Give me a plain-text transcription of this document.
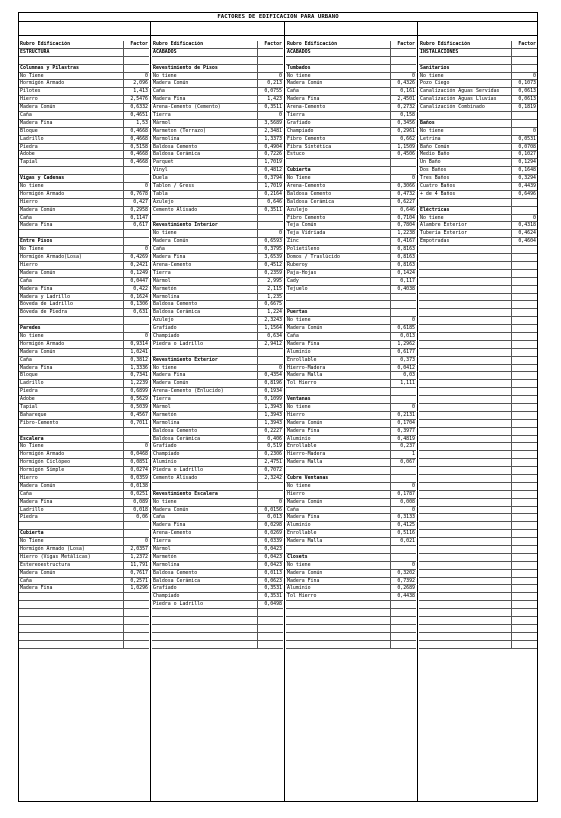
FACTORES DE EDIFICACION PARA URBANO
Rubro Edificación	Factor
ESTRUCTURA
Columnas y Pilastras
No Tiene	0
Hormigón Armado	2,096
Pilotes	1,413
Hierro	2,5476
Madera Común	0,6332
Caña	0,4651
Madera Fina	1,53
Bloque	0,4668
Ladrillo	0,4668
Piedra	0,5158
Adobe	0,4668
Tapial	0,4668
Vigas y Cadenas
No tiene	0
Hormigón Armado	0,7678
Hierro	0,427
Madera Común	0,2958
Caña	0,1147
Madera Fina	0,617
Entre Pisos
No Tiene	0
Hormigón Armado(Losa)	0,4269
Hierro	0,2421
Madera Común	0,1249
Caña	0,0447
Madera Fina	0,422
Madera y Ladrillo	0,1624
Bóveda de Ladrillo	0,1306
Bóveda de Piedra	0,631
Paredes
No tiene	0
Hormigón Armado	0,9314
Madera Común	1,0241
Caña	0,3812
Madera Fina	1,3336
Bloque	0,7341
Ladrillo	1,2239
Piedra	0,6899
Adobe	0,5629
Tapial	0,5039
Bahareque	0,4567
Fibro-Cemento	0,7011
Escalera
No Tiene	0
Hormigón Armado	0,0468
Hormigón Ciclópeo	0,0851
Hormigón Simple	0,0274
Hierro	0,0359
Madera Común	0,0138
Caña	0,0251
Madera Fina	0,089
Ladrillo	0,018
Piedra	0,06
Cubierta
No Tiene	0
Hormigón Armado (Losa)	2,0357
Hierro (Vigas Metálicas)	1,2372
Estereoestructura	11,791
Madera Común	0,7617
Caña	0,2571
Madera Fina	1,0296
Rubro Edificación	Factor
ACABADOS
Revestimiento de Pisos
No tiene	0
Madera Común	0,213
Caña	0,0755
Madera Fina	1,423
Arena-Cemento (Cemento)	0,3511
Tierra	0
Mármol	3,5689
Marmeton (Terrazo)	2,3481
Marmolina	1,3373
Baldosa Cemento	0,4904
Baldosa Cerámica	0,7226
Parquet	1,7019
Vinyl	0,4812
Duela	0,3794
Tablon / Gress	1,7019
Tabla	0,2164
Azulejo	0,646
Cemento Alisado	0,3511
Revestimiento Interior
No tiene	0
Madera Común	0,6593
Caña	0,3795
Madera Fina	3,6539
Arena-Cemento	0,4512
Tierra	0,2359
Mármol	2,995
Marmetón	2,115
Marmolina	1,235
Baldosa Cemento	0,6675
Baldosa Cerámica	1,224
Azulejo	2,3243
Grafiado	1,1564
Champiado	0,634
Piedra o Ladrillo	2,9412
Revestimiento Exterior
No tiene	0
Madera Fina	0,4354
Madera Común	0,8196
Arena-Cemento (Enlucido)	0,1934
Tierra	0,1099
Mármol	1,3943
Marmetón	1,3943
Marmolina	1,3943
Baldosa Cemento	0,2227
Baldosa Cerámica	0,406
Grafiado	0,519
Champiado	0,2306
Aluminio	2,4751
Piedra o Ladrillo	0,7072
Cemento Alisado	2,3242
Revestimiento Escalera
No tiene	0
Madera Común	0,0156
Caña	0,013
Madera Fina	0,0298
Arena-Cemento	0,0269
Tierra	0,0339
Mármol	0,0423
Marmetón	0,0423
Marmolina	0,0423
Baldosa Cemento	0,0113
Baldosa Cerámica	0,0623
Grafiado	0,3531
Champiado	0,3531
Piedra o Ladrillo	0,0498
Rubro Edificación	Factor
ACABADOS
Tumbados
No tiene	0
Madera Común	0,4326
Caña	0,161
Madera Fina	2,4501
Arena-Cemento	0,2732
Tierra	0,158
Grafiado	0,3456
Champiado	0,2961
Fibro Cemento	0,662
Fibra Sintética	1,1509
Estuco	0,4506
Cubierta
No Tiene	0
Arena-Cemento	0,3066
Baldosa Cemento	0,4732
Baldosa Cerámica	0,6227
Azulejo	0,646
Fibro Cemento	0,7104
Teja Común	0,7804
Teja Vidriada	1,2238
Zinc	0,4167
Polietileno	0,8163
Domos / Traslúcido	0,8163
Ruberoy	0,8163
Paja-Hojas	0,1424
Cady	0,117
Tejuelo	0,4038
Puertas
No tiene	0
Madera Común	0,6185
Caña	0,013
Madera Fina	1,2962
Aluminio	0,6177
Enrollable	0,373
Hierro-Madera	0,0412
Madera Malla	0,03
Tol Hierro	1,111
Ventanas
No tiene	0
Hierro	0,2131
Madera Común	0,1704
Madera Fina	0,3977
Aluminio	0,4819
Enrollable	0,237
Hierro-Madera	1
Madera Malla	0,067
Cubre Ventanas
No tiene	0
Hierro	0,1787
Madera Común	0,008
Caña	0
Madera Fina	0,3133
Aluminio	0,4125
Enrollable	0,5116
Madera Malla	0,021
Closets
No tiene	0
Madera Común	0,3202
Madera Fina	0,7392
Aluminio	0,2689
Tol Hierro	0,4438
Rubro Edificación	Factor
INSTALACIONES
Sanitarios
No tiene	0
Pozo Ciego	0,1073
Canalización Aguas Servidas	0,0613
Canalización Aguas Lluvias	0,0613
Canalización Combinado	0,1819
Baños
No tiene	0
Letrina	0,0531
Baño Común	0,0708
Medio Baño	0,1027
Un Baño	0,1294
Dos Baños	0,1648
Tres Baños	0,3294
Cuatro Baños	0,4439
+ de 4 Baños	0,6496
Eléctricas
No tiene	0
Alambre Exterior	0,4318
Tubería Exterior	0,4624
Empotradas	0,4604
